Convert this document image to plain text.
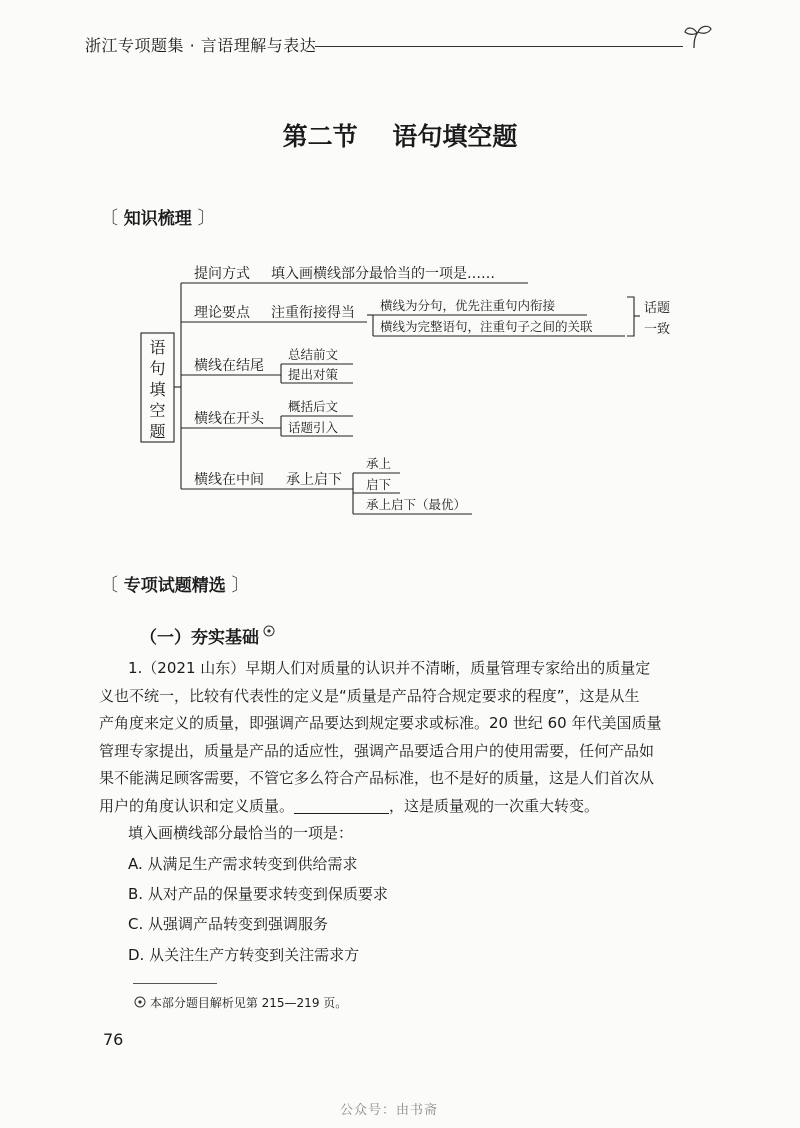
浙江专项题集 · 言语理解与表达
第二节    语句填空题
〔 知识梳理 〕
语
句
填
空
题
提问方式 填入画横线部分最恰当的一项是……
理论要点 注重衔接得当 横线为分句，优先注重句内衔接
横线为完整语句，注重句子之间的关联
话题
一致
横线在结尾
总结前文
提出对策
横线在开头
概括后文
话题引入
横线在中间 承上启下
承上
启下
承上启下（最优）
〔 专项试题精选 〕
（一）夯实基础

1.（2021 山东）早期人们对质量的认识并不清晰，质量管理专家给出的质量定

义也不统一，比较有代表性的定义是“质量是产品符合规定要求的程度”，这是从生

产角度来定义的质量，即强调产品要达到规定要求或标准。20 世纪 60 年代美国质量

管理专家提出，质量是产品的适应性，强调产品要适合用户的使用需要，任何产品如

果不能满足顾客需要，不管它多么符合产品标准，也不是好的质量，这是人们首次从

用户的角度认识和定义质量。	，这是质量观的一次重大转变。

填入画横线部分最恰当的一项是：

A. 从满足生产需求转变到供给需求
B. 从对产品的保量要求转变到保质要求
C. 从强调产品转变到强调服务
D. 从关注生产方转变到关注需求方
本部分题目解析见第 215—219 页。
76
公众号：由书斋
